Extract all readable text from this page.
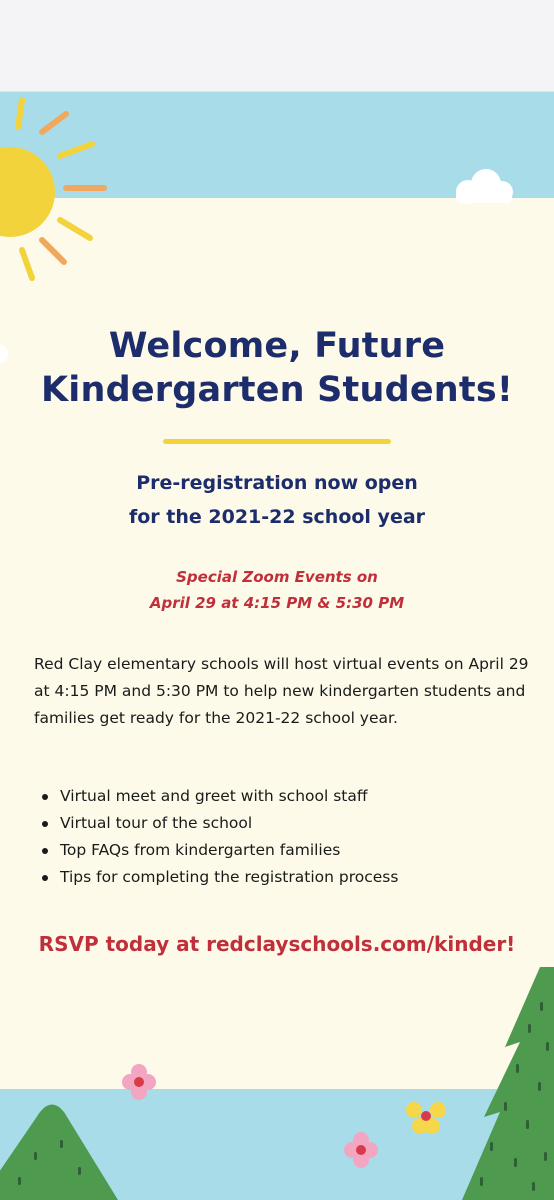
Welcome, Future
Kindergarten Students!
Pre-registration now open
for the 2021-22 school year
Special Zoom Events on
April 29 at 4:15 PM & 5:30 PM

Red Clay elementary schools will host virtual events on April 29 at 4:15 PM and 5:30 PM to help new kindergarten students and families get ready for the 2021-22 school year.

Virtual meet and greet with school staff
Virtual tour of the school
Top FAQs from kindergarten families
Tips for completing the registration process
RSVP today at redclayschools.com/kinder!
